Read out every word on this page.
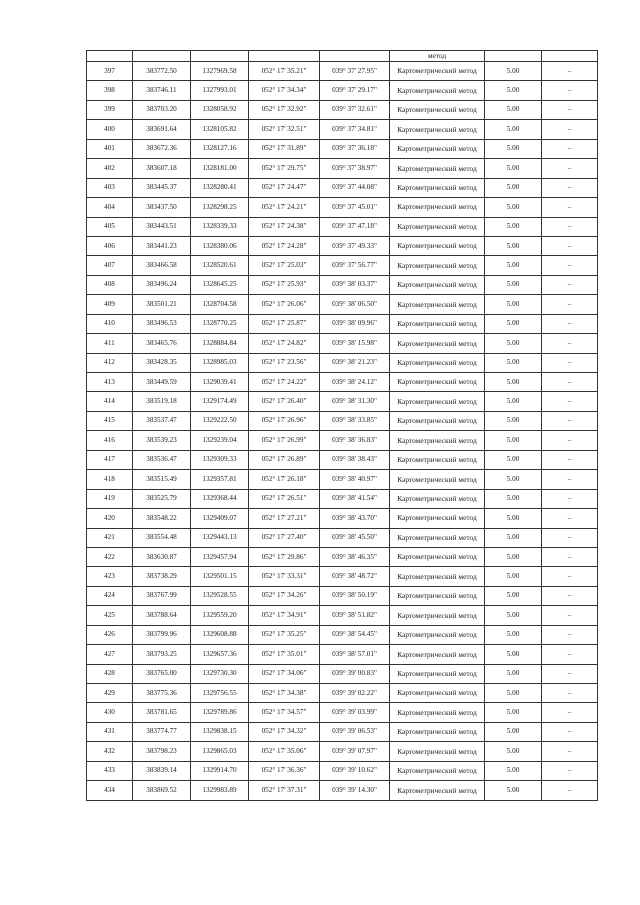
					метод		
397	383772.50	1327969.58	052° 17' 35.21"	039° 37' 27.95"	Картометрический метод	5.00	–
398	383746.11	1327993.01	052° 17' 34.34"	039° 37' 29.17"	Картометрический метод	5.00	–
399	383703.20	1328058.92	052° 17' 32.92"	039° 37' 32.61"	Картометрический метод	5.00	–
400	383691.64	1328105.82	052° 17' 32.51"	039° 37' 34.81"	Картометрический метод	5.00	–
401	383672.36	1328127.16	052° 17' 31.89"	039° 37' 36.18"	Картометрический метод	5.00	–
402	383607.18	1328181.00	052° 17' 29.75"	039° 37' 38.97"	Картометрический метод	5.00	–
403	383445.37	1328280.41	052° 17' 24.47"	039° 37' 44.08"	Картометрический метод	5.00	–
404	383437.50	1328298.25	052° 17' 24.21"	039° 37' 45.01"	Картометрический метод	5.00	–
405	383443.51	1328339.33	052° 17' 24.38"	039° 37' 47.18"	Картометрический метод	5.00	–
406	383441.23	1328380.06	052° 17' 24.28"	039° 37' 49.33"	Картометрический метод	5.00	–
407	383466.58	1328520.61	052° 17' 25.03"	039° 37' 56.77"	Картометрический метод	5.00	–
408	383496.24	1328645.25	052° 17' 25.93"	039° 38' 03.37"	Картометрический метод	5.00	–
409	383501.21	1328704.58	052° 17' 26.06"	039° 38' 06.50"	Картометрический метод	5.00	–
410	383496.53	1328770.25	052° 17' 25.87"	039° 38' 09.96"	Картометрический метод	5.00	–
411	383465.76	1328884.84	052° 17' 24.82"	039° 38' 15.98"	Картометрический метод	5.00	–
412	383428.35	1328985.03	052° 17' 23.56"	039° 38' 21.23"	Картометрический метод	5.00	–
413	383449.59	1329039.41	052° 17' 24.22"	039° 38' 24.12"	Картометрический метод	5.00	–
414	383519.18	1329174.49	052° 17' 26.40"	039° 38' 31.30"	Картометрический метод	5.00	–
415	383537.47	1329222.50	052° 17' 26.96"	039° 38' 33.85"	Картометрический метод	5.00	–
416	383539.23	1329239.04	052° 17' 26.99"	039° 38' 36.83"	Картометрический метод	5.00	–
417	383536.47	1329309.33	052° 17' 26.89"	039° 38' 38.43"	Картометрический метод	5.00	–
418	383515.49	1329357.81	052° 17' 26.18"	039° 38' 40.97"	Картометрический метод	5.00	–
419	383525.79	1329368.44	052° 17' 26.51"	039° 38' 41.54"	Картометрический метод	5.00	–
420	383548.22	1329409.07	052° 17' 27.21"	039° 38' 43.70"	Картометрический метод	5.00	–
421	383554.48	1329443.13	052° 17' 27.40"	039° 38' 45.50"	Картометрический метод	5.00	–
422	383630.87	1329457.94	052° 17' 29.86"	039° 38' 46.35"	Картометрический метод	5.00	–
423	383738.29	1329501.15	052° 17' 33.31"	039° 38' 48.72"	Картометрический метод	5.00	–
424	383767.99	1329528.55	052° 17' 34.26"	039° 38' 50.19"	Картометрический метод	5.00	–
425	383788.64	1329559.20	052° 17' 34.91"	039° 38' 51.82"	Картометрический метод	5.00	–
426	383799.96	1329608.88	052° 17' 35.25"	039° 38' 54.45"	Картометрический метод	5.00	–
427	383793.25	1329657.36	052° 17' 35.01"	039° 38' 57.01"	Картометрический метод	5.00	–
428	383765.00	1329730.30	052° 17' 34.06"	039° 39' 00.83"	Картометрический метод	5.00	–
429	383775.36	1329756.55	052° 17' 34.38"	039° 39' 02.22"	Картометрический метод	5.00	–
430	383781.65	1329789.86	052° 17' 34.57"	039° 39' 03.99"	Картометрический метод	5.00	–
431	383774.77	1329838.15	052° 17' 34.32"	039° 39' 06.53"	Картометрический метод	5.00	–
432	383798.23	1329865.03	052° 17' 35.06"	039° 39' 07.97"	Картометрический метод	5.00	–
433	383839.14	1329914.70	052° 17' 36.36"	039° 39' 10.62"	Картометрический метод	5.00	–
434	383869.52	1329983.89	052° 17' 37.31"	039° 39' 14.30"	Картометрический метод	5.00	–
